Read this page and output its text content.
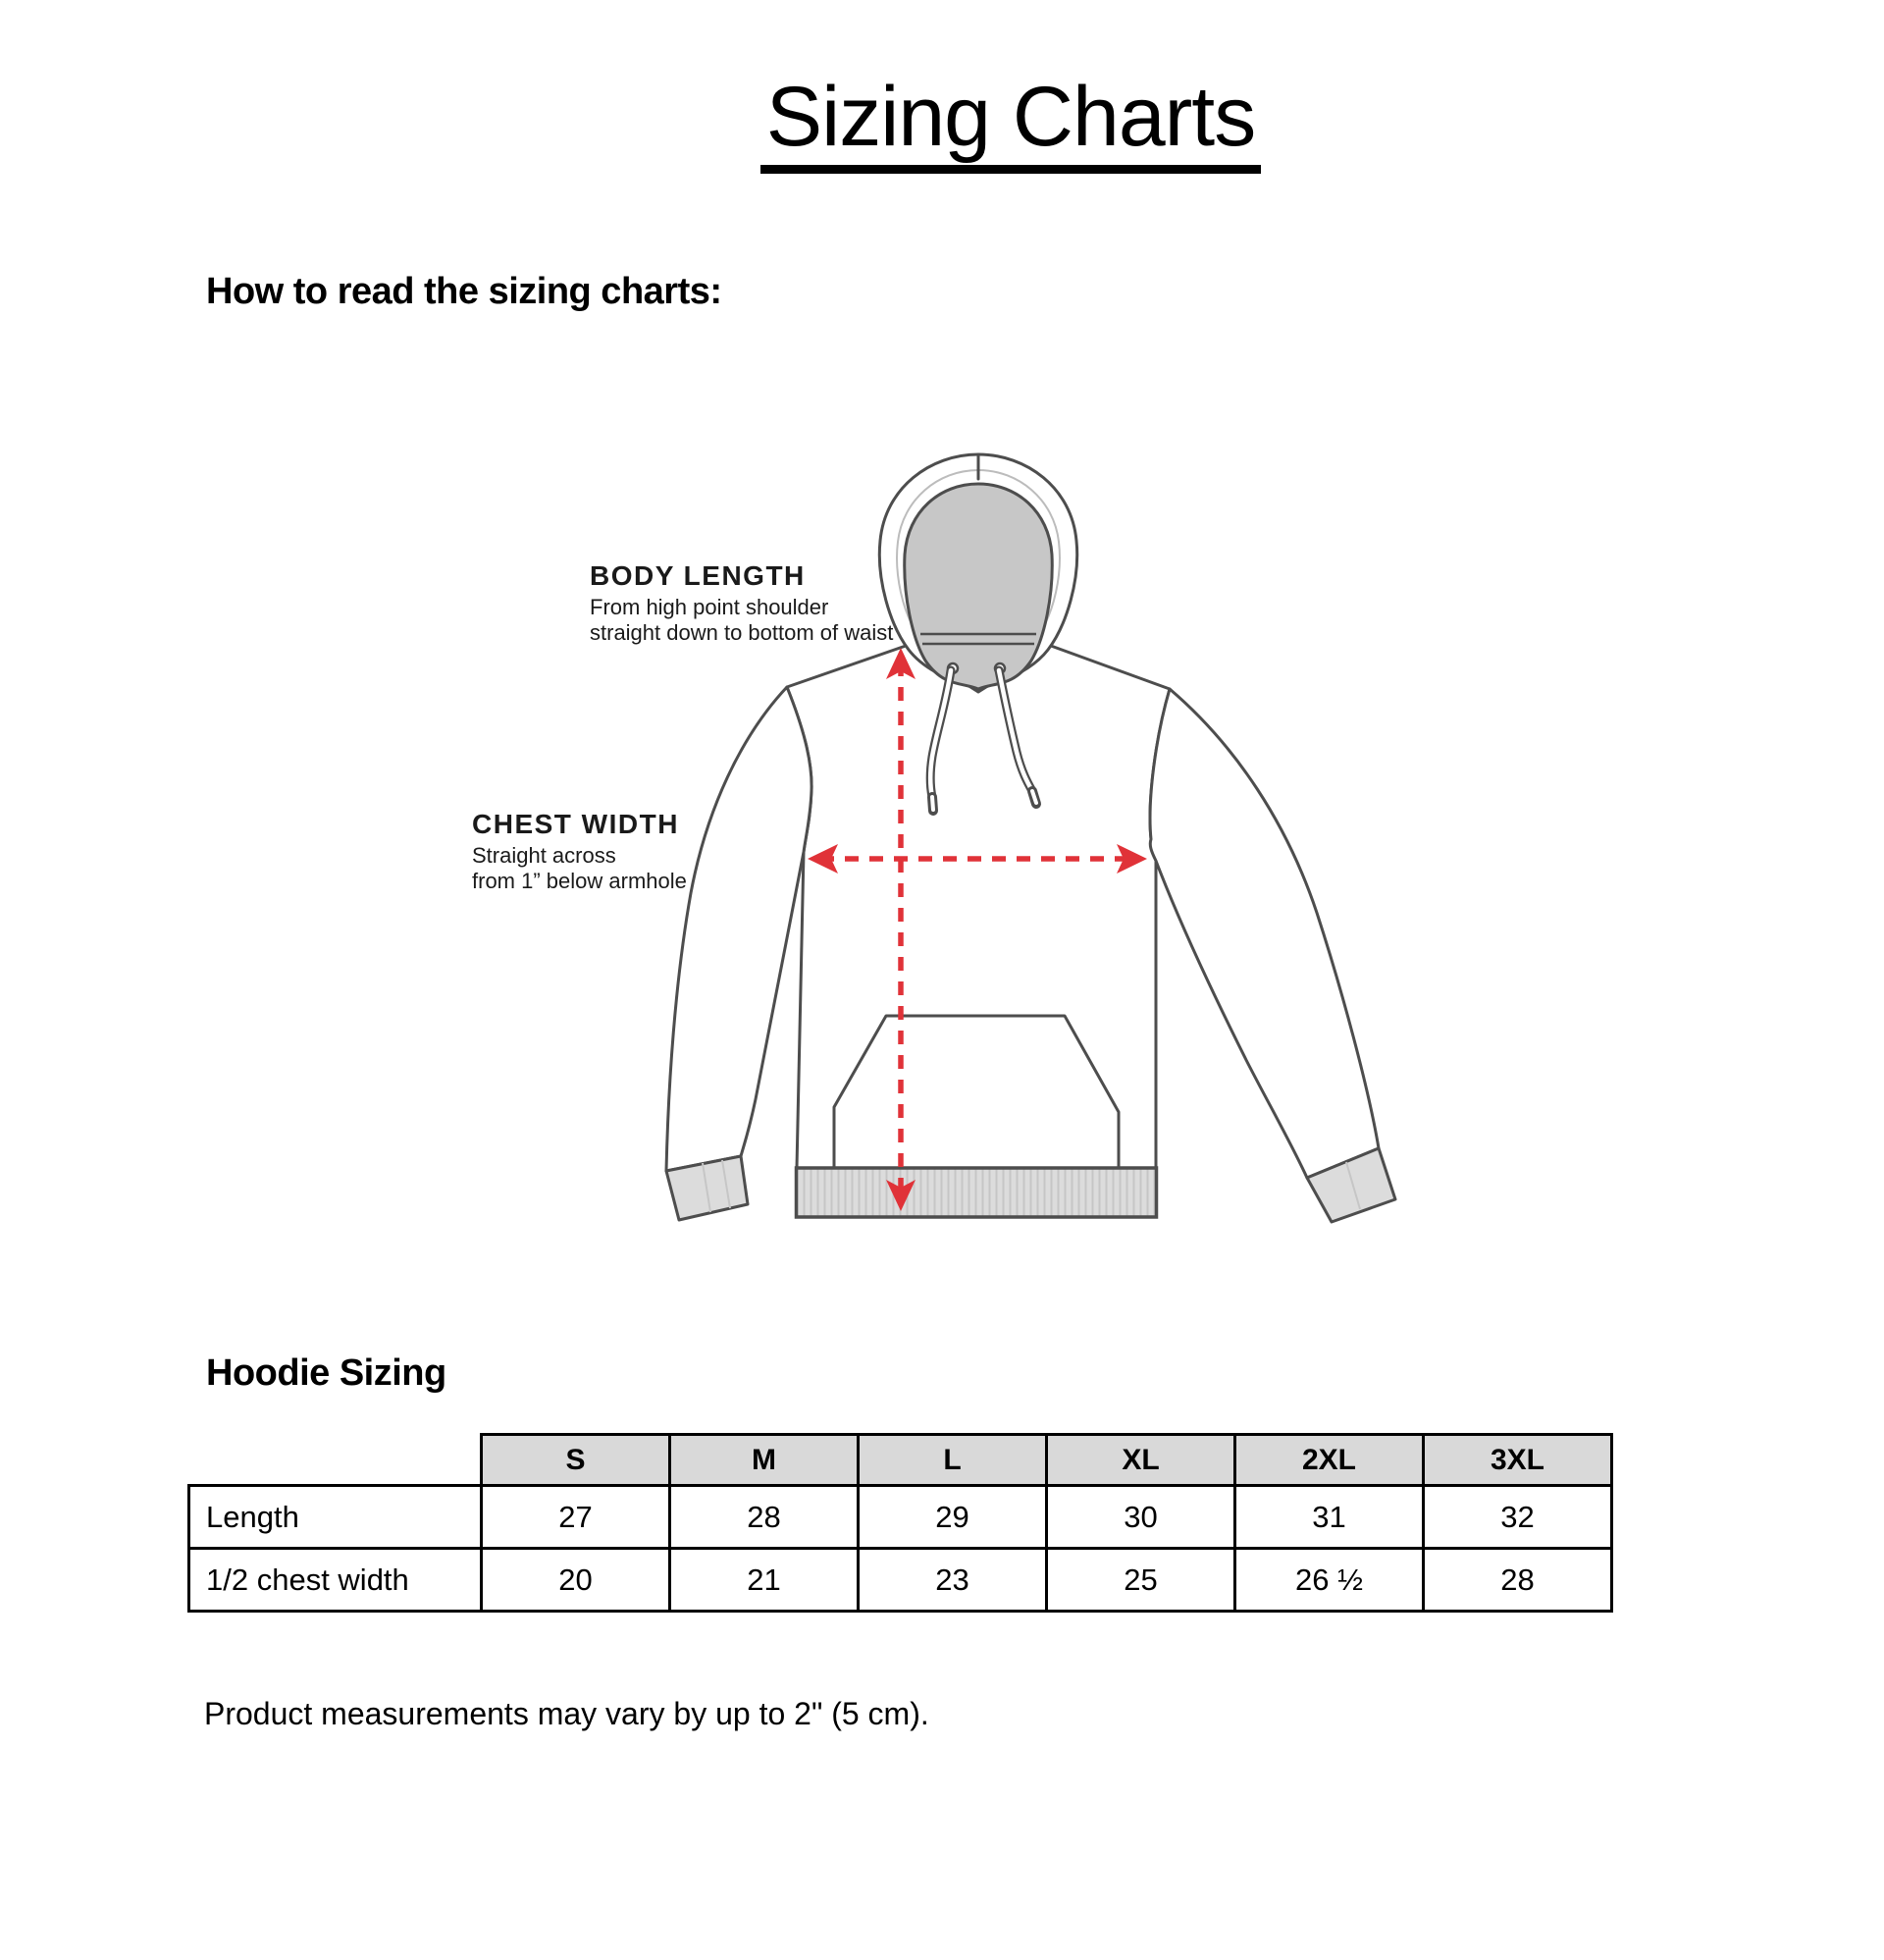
Sizing Charts
How to read the sizing charts:
BODY LENGTH
From high point shoulder
straight down to bottom of waist
CHEST WIDTH
Straight across
from 1” below armhole
Hoodie Sizing
	S	M	L	XL	2XL	3XL
Length	27	28	29	30	31	32
1/2 chest width	20	21	23	25	26 ½	28
Product measurements may vary by up to 2" (5 cm).
